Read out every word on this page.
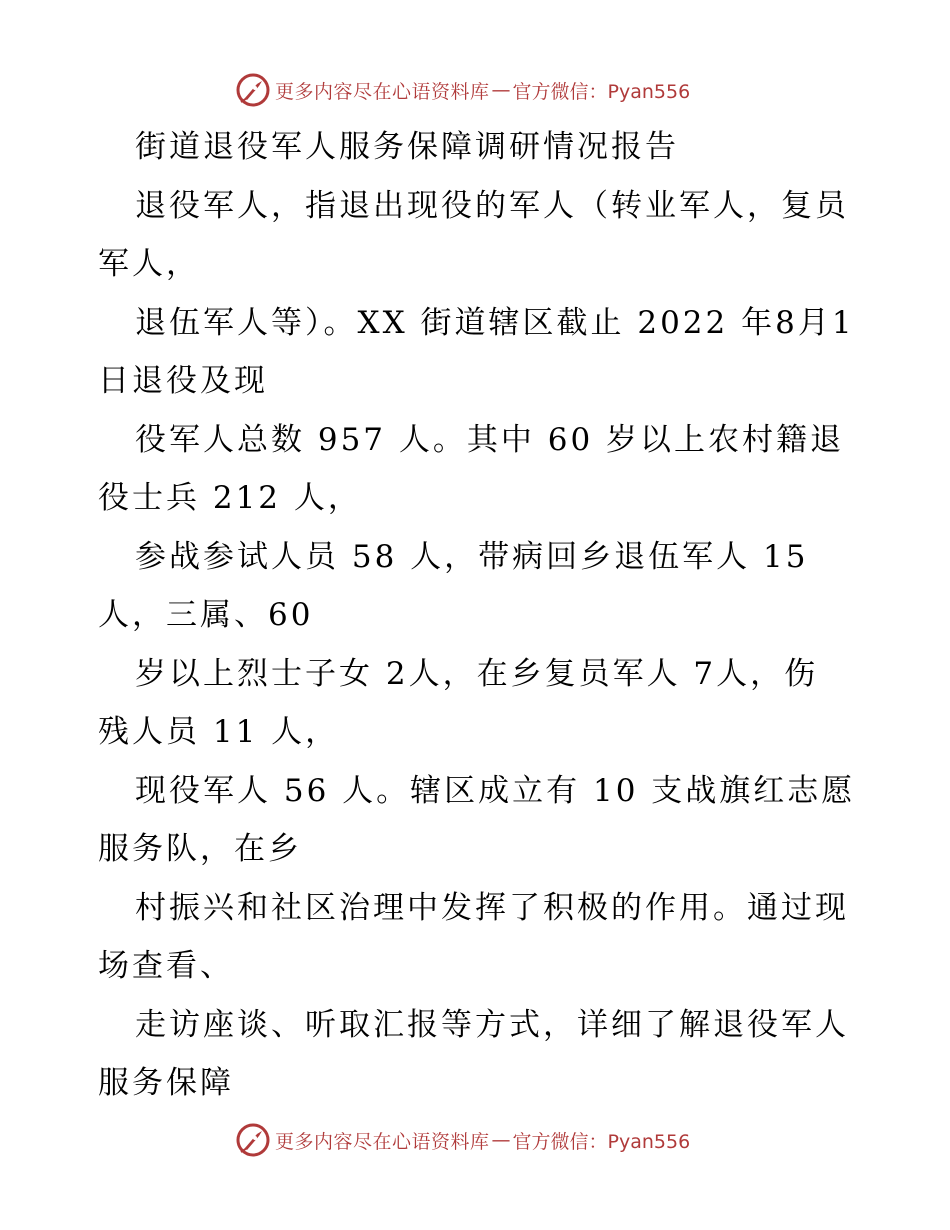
更多内容尽在心语资料库 — 官方微信：Pyan556
街道退役军人服务保障调研情况报告
退役军人，指退出现役的军人（转业军人，复员
军人，
退伍军人等）。XX 街道辖区截止 2022 年8月1
日退役及现
役军人总数 957 人。其中 60 岁以上农村籍退
役士兵 212 人，
参战参试人员 58 人，带病回乡退伍军人 15
人，三属、60
岁以上烈士子女 2人，在乡复员军人 7人，伤
残人员 11 人，
现役军人 56 人。辖区成立有 10 支战旗红志愿
服务队，在乡
村振兴和社区治理中发挥了积极的作用。通过现
场查看、
走访座谈、听取汇报等方式，详细了解退役军人
服务保障
更多内容尽在心语资料库 — 官方微信：Pyan556
